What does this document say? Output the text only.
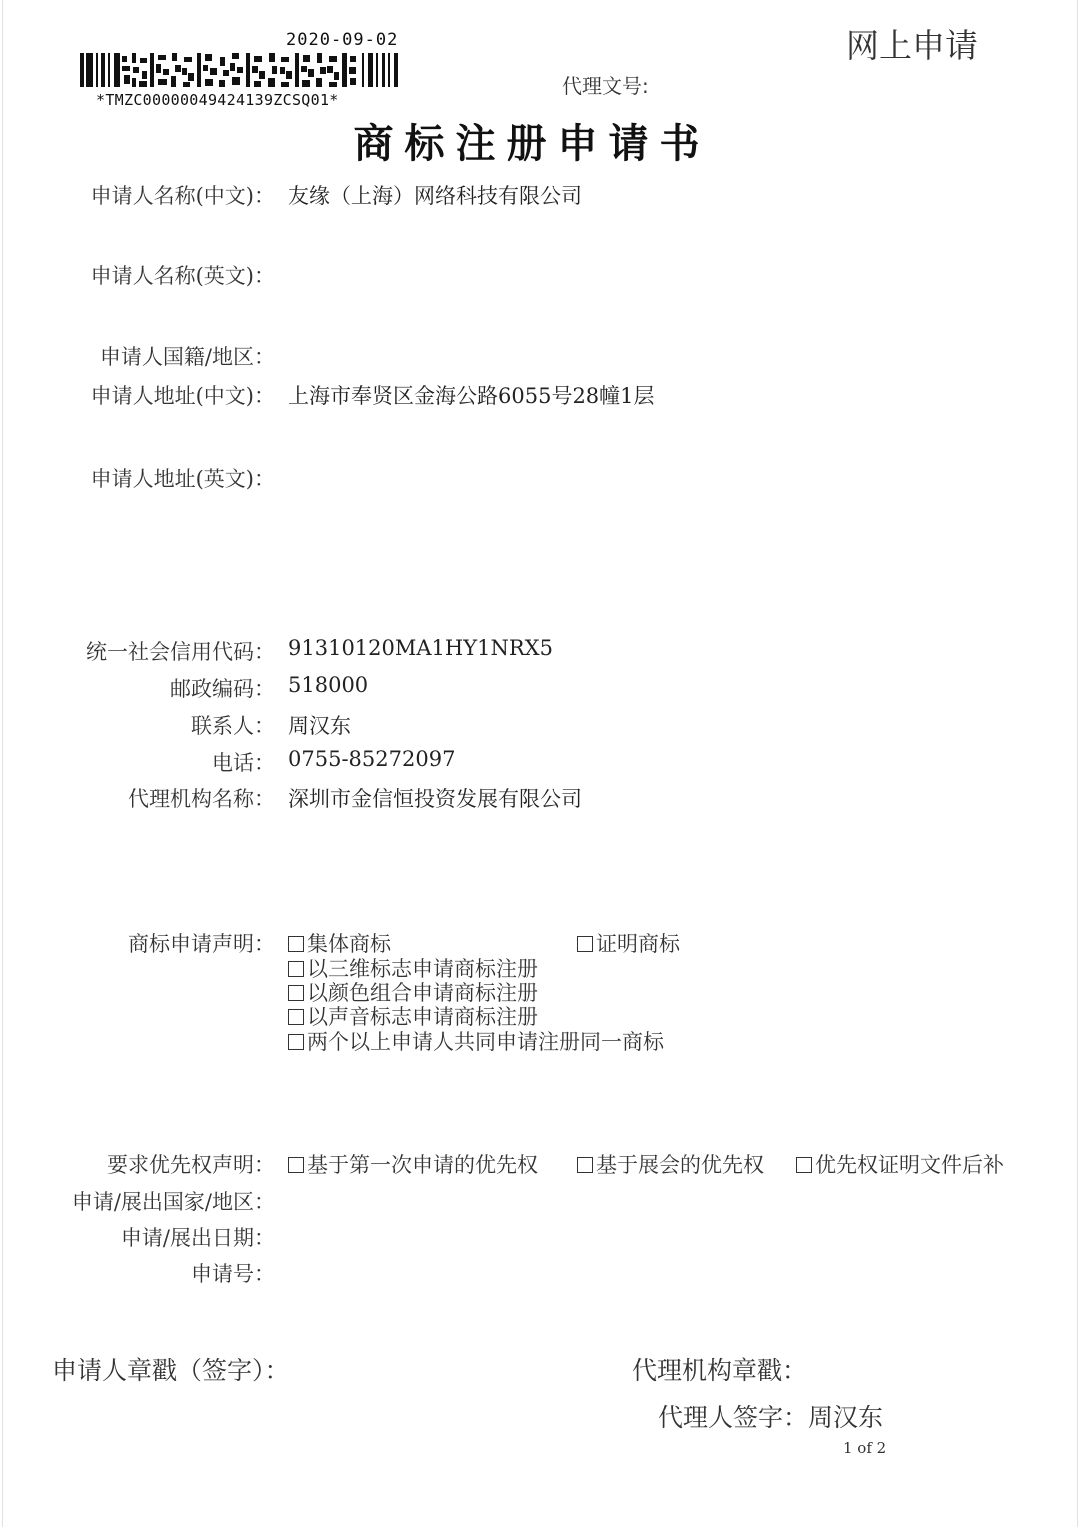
2020-09-02
*TMZC00000049424139ZCSQ01*
网上申请
代理文号:
商标注册申请书
申请人名称(中文)： 友缘（上海）网络科技有限公司
申请人名称(英文)：
申请人国籍/地区：
申请人地址(中文)： 上海市奉贤区金海公路6055号28幢1层
申请人地址(英文)：
统一社会信用代码： 91310120MA1HY1NRX5
邮政编码： 518000
联系人： 周汉东
电话： 0755-85272097
代理机构名称： 深圳市金信恒投资发展有限公司
商标申请声明：	集体商标	证明商标
以三维标志申请商标注册
以颜色组合申请商标注册
以声音标志申请商标注册
两个以上申请人共同申请注册同一商标
要求优先权声明：	基于第一次申请的优先权	基于展会的优先权	优先权证明文件后补
申请/展出国家/地区：
申请/展出日期：
申请号：
申请人章戳（签字）：	代理机构章戳：
代理人签字：周汉东
1 of 2
